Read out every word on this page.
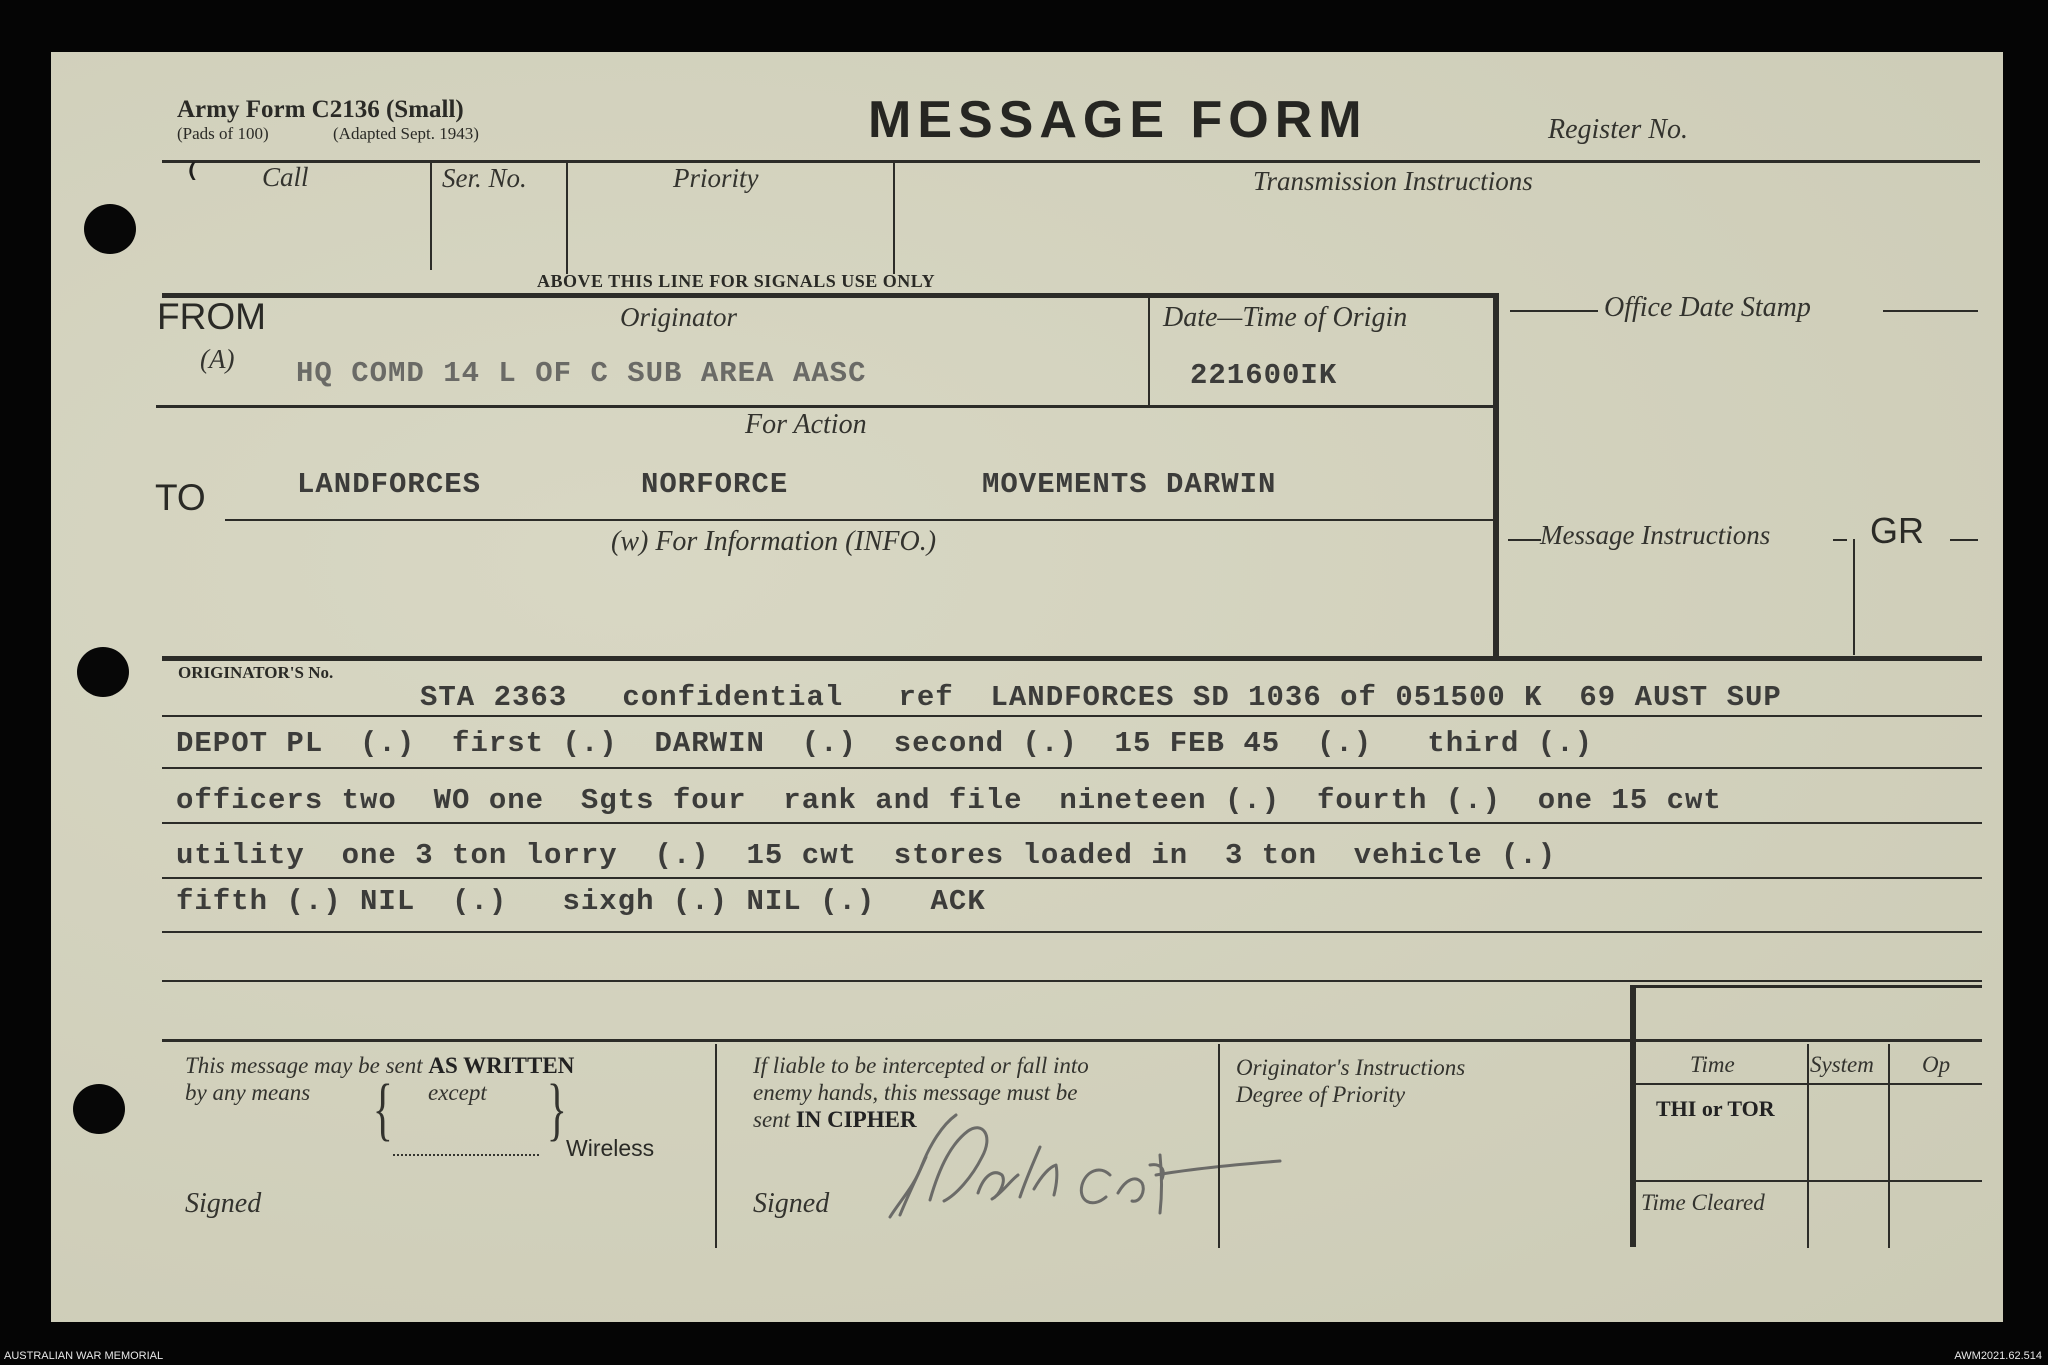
Army Form C2136 (Small)
(Pads of 100)	(Adapted Sept. 1943)	MESSAGE FORM	Register No.
Call	Ser. No.	Priority	Transmission Instructions
ABOVE THIS LINE FOR SIGNALS USE ONLY
⁽
FROM
(A)
Originator
HQ COMD 14 L OF C SUB AREA AASC
Date—Time of Origin
221600IK
Office Date Stamp
For Action
TO	LANDFORCES	NORFORCE	MOVEMENTS DARWIN
(w) For Information (INFO.)	Message Instructions	GR
ORIGINATOR'S No.
STA 2363   confidential   ref  LANDFORCES SD 1036 of 051500 K  69 AUST SUP
DEPOT PL  (.)  first (.)  DARWIN  (.)  second (.)  15 FEB 45  (.)   third (.)
officers two  WO one  Sgts four  rank and file  nineteen (.)  fourth (.)  one 15 cwt
utility  one 3 ton lorry  (.)  15 cwt  stores loaded in  3 ton  vehicle (.)
fifth (.) NIL  (.)   sixgh (.) NIL (.)   ACK
This message may be sent AS WRITTEN
by any means	except
{ } Wireless
Signed
If liable to be intercepted or fall into
enemy hands, this message must be
sent IN CIPHER
Signed
Originator's Instructions
Degree of Priority
Time	System Op
THI or TOR
Time Cleared
AUSTRALIAN WAR MEMORIAL	AWM2021.62.514
